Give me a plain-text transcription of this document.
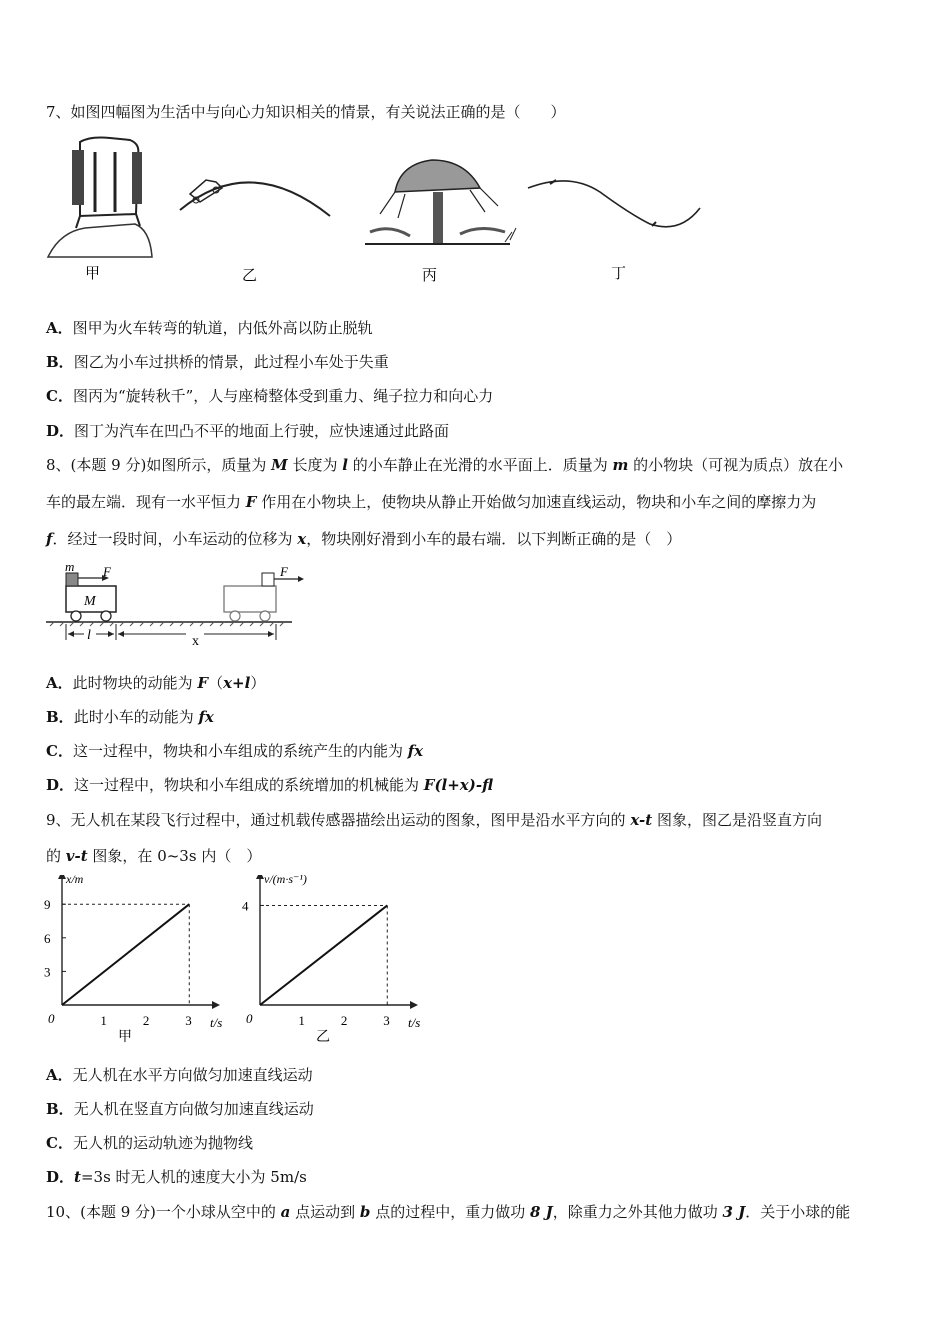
7、如图四幅图为生活中与向心力知识相关的情景，有关说法正确的是（　　）
甲	乙	丙	丁
A．图甲为火车转弯的轨道，内低外高以防止脱轨
B．图乙为小车过拱桥的情景，此过程小车处于失重
C．图丙为“旋转秋千”，人与座椅整体受到重力、绳子拉力和向心力
D．图丁为汽车在凹凸不平的地面上行驶，应快速通过此路面
8、(本题 9 分)如图所示，质量为 M 长度为 l 的小车静止在光滑的水平面上．质量为 m 的小物块（可视为质点）放在小
车的最左端．现有一水平恒力 F 作用在小物块上，使物块从静止开始做匀加速直线运动，物块和小车之间的摩擦力为
f．经过一段时间，小车运动的位移为 x，物块刚好滑到小车的最右端．以下判断正确的是（　）
m F
M
F
l	x
A．此时物块的动能为 F（x+l）
B．此时小车的动能为 fx
C．这一过程中，物块和小车组成的系统产生的内能为 fx
D．这一过程中，物块和小车组成的系统增加的机械能为 F(l+x)-fl
9、无人机在某段飞行过程中，通过机载传感器描绘出运动的图象，图甲是沿水平方向的 x-t 图象，图乙是沿竖直方向
的 v-t 图象，在 0~3s 内（　）
x/m
t/s
0	1	2	3
3
6
9
甲
v/(m·s⁻¹)
t/s
0	1	2	3
4
乙
A．无人机在水平方向做匀加速直线运动
B．无人机在竖直方向做匀加速直线运动
C．无人机的运动轨迹为抛物线
D．t=3s 时无人机的速度大小为 5m/s
10、(本题 9 分)一个小球从空中的 a 点运动到 b 点的过程中，重力做功 8 J，除重力之外其他力做功 3 J．关于小球的能
